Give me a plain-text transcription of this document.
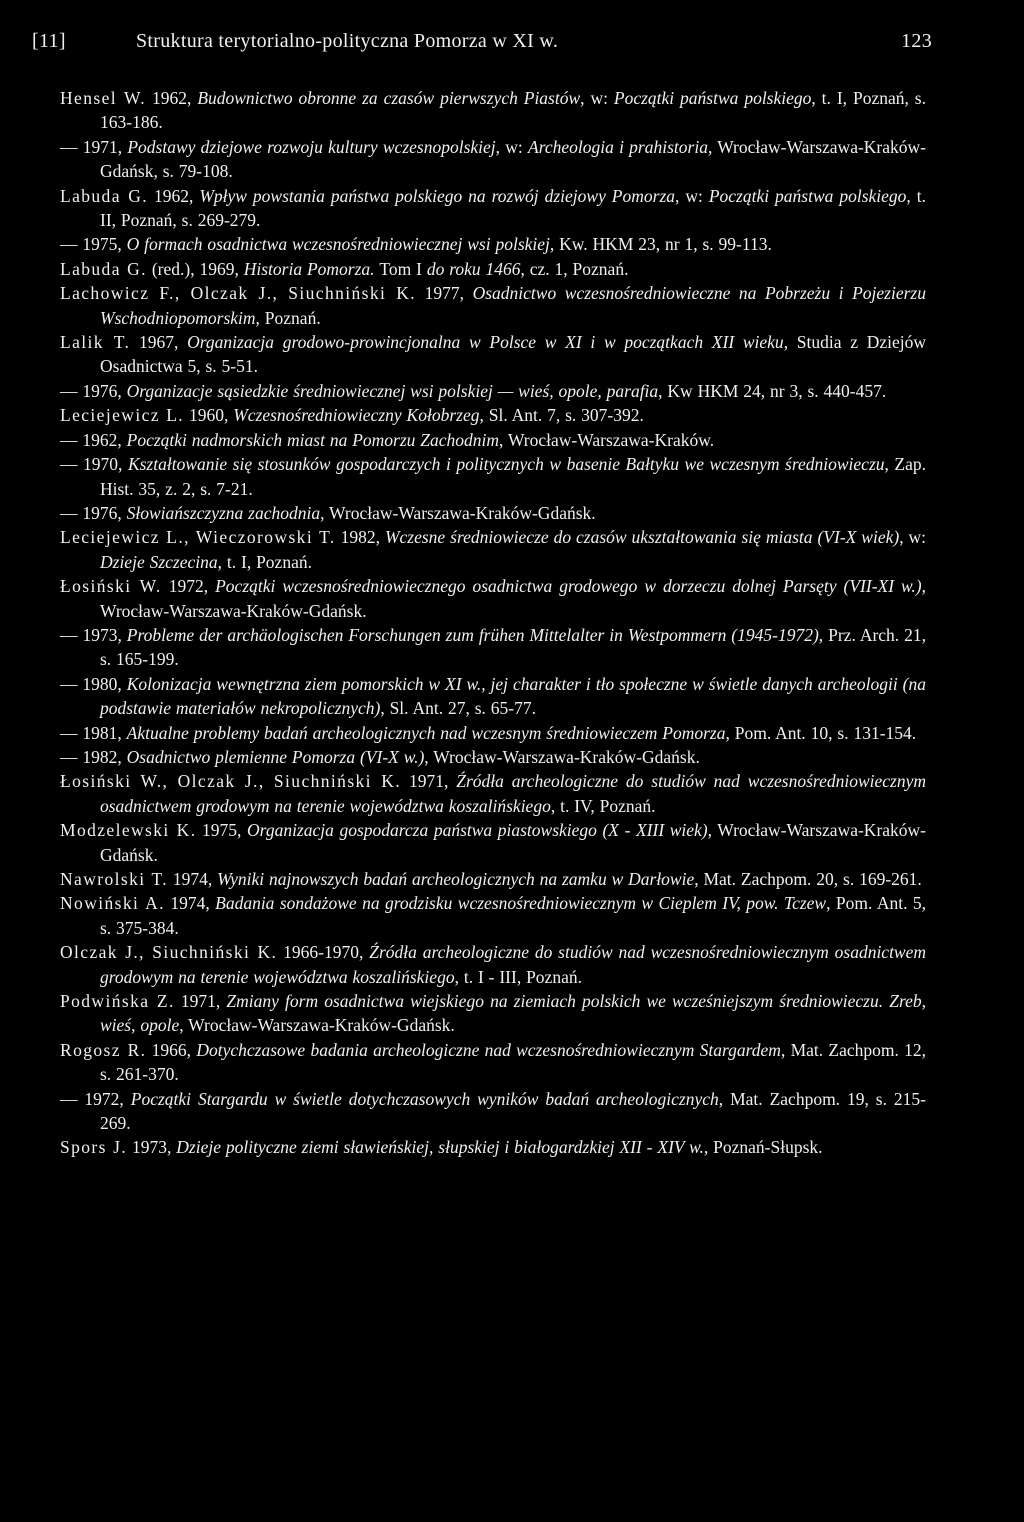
[11]	Struktura terytorialno-polityczna Pomorza w XI w.	123
Hensel W. 1962, Budownictwo obronne za czasów pierwszych Piastów, w: Początki państwa polskiego, t. I, Poznań, s. 163-186.
— 1971, Podstawy dziejowe rozwoju kultury wczesnopolskiej, w: Archeologia i prahistoria, Wrocław-Warszawa-Kraków-Gdańsk, s. 79-108.
Labuda G. 1962, Wpływ powstania państwa polskiego na rozwój dziejowy Pomorza, w: Początki państwa polskiego, t. II, Poznań, s. 269-279.
— 1975, O formach osadnictwa wczesnośredniowiecznej wsi polskiej, Kw. HKM 23, nr 1, s. 99-113.
Labuda G. (red.), 1969, Historia Pomorza. Tom I do roku 1466, cz. 1, Poznań.
Lachowicz F., Olczak J., Siuchniński K. 1977, Osadnictwo wczesnośredniowieczne na Pobrzeżu i Pojezierzu Wschodniopomorskim, Poznań.
Lalik T. 1967, Organizacja grodowo-prowincjonalna w Polsce w XI i w początkach XII wieku, Studia z Dziejów Osadnictwa 5, s. 5-51.
— 1976, Organizacje sąsiedzkie średniowiecznej wsi polskiej — wieś, opole, parafia, Kw HKM 24, nr 3, s. 440-457.
Leciejewicz L. 1960, Wczesnośredniowieczny Kołobrzeg, Sl. Ant. 7, s. 307-392.
— 1962, Początki nadmorskich miast na Pomorzu Zachodnim, Wrocław-Warszawa-Kraków.
— 1970, Kształtowanie się stosunków gospodarczych i politycznych w basenie Bałtyku we wczesnym średniowieczu, Zap. Hist. 35, z. 2, s. 7-21.
— 1976, Słowiańszczyzna zachodnia, Wrocław-Warszawa-Kraków-Gdańsk.
Leciejewicz L., Wieczorowski T. 1982, Wczesne średniowiecze do czasów ukształtowania się miasta (VI-X wiek), w: Dzieje Szczecina, t. I, Poznań.
Łosiński W. 1972, Początki wczesnośredniowiecznego osadnictwa grodowego w dorzeczu dolnej Parsęty (VII-XI w.), Wrocław-Warszawa-Kraków-Gdańsk.
— 1973, Probleme der archäologischen Forschungen zum frühen Mittelalter in Westpommern (1945-1972), Prz. Arch. 21, s. 165-199.
— 1980, Kolonizacja wewnętrzna ziem pomorskich w XI w., jej charakter i tło społeczne w świetle danych archeologii (na podstawie materiałów nekropolicznych), Sl. Ant. 27, s. 65-77.
— 1981, Aktualne problemy badań archeologicznych nad wczesnym średniowieczem Pomorza, Pom. Ant. 10, s. 131-154.
— 1982, Osadnictwo plemienne Pomorza (VI-X w.), Wrocław-Warszawa-Kraków-Gdańsk.
Łosiński W., Olczak J., Siuchniński K. 1971, Źródła archeologiczne do studiów nad wczesnośredniowiecznym osadnictwem grodowym na terenie województwa koszalińskiego, t. IV, Poznań.
Modzelewski K. 1975, Organizacja gospodarcza państwa piastowskiego (X - XIII wiek), Wrocław-Warszawa-Kraków-Gdańsk.
Nawrolski T. 1974, Wyniki najnowszych badań archeologicznych na zamku w Darłowie, Mat. Zachpom. 20, s. 169-261.
Nowiński A. 1974, Badania sondażowe na grodzisku wczesnośredniowiecznym w Cieplem IV, pow. Tczew, Pom. Ant. 5, s. 375-384.
Olczak J., Siuchniński K. 1966-1970, Źródła archeologiczne do studiów nad wczesnośredniowiecznym osadnictwem grodowym na terenie województwa koszalińskiego, t. I - III, Poznań.
Podwińska Z. 1971, Zmiany form osadnictwa wiejskiego na ziemiach polskich we wcześniejszym średniowieczu. Zreb, wieś, opole, Wrocław-Warszawa-Kraków-Gdańsk.
Rogosz R. 1966, Dotychczasowe badania archeologiczne nad wczesnośredniowiecznym Stargardem, Mat. Zachpom. 12, s. 261-370.
— 1972, Początki Stargardu w świetle dotychczasowych wyników badań archeologicznych, Mat. Zachpom. 19, s. 215-269.
Spors J. 1973, Dzieje polityczne ziemi sławieńskiej, słupskiej i białogardzkiej XII - XIV w., Poznań-Słupsk.
